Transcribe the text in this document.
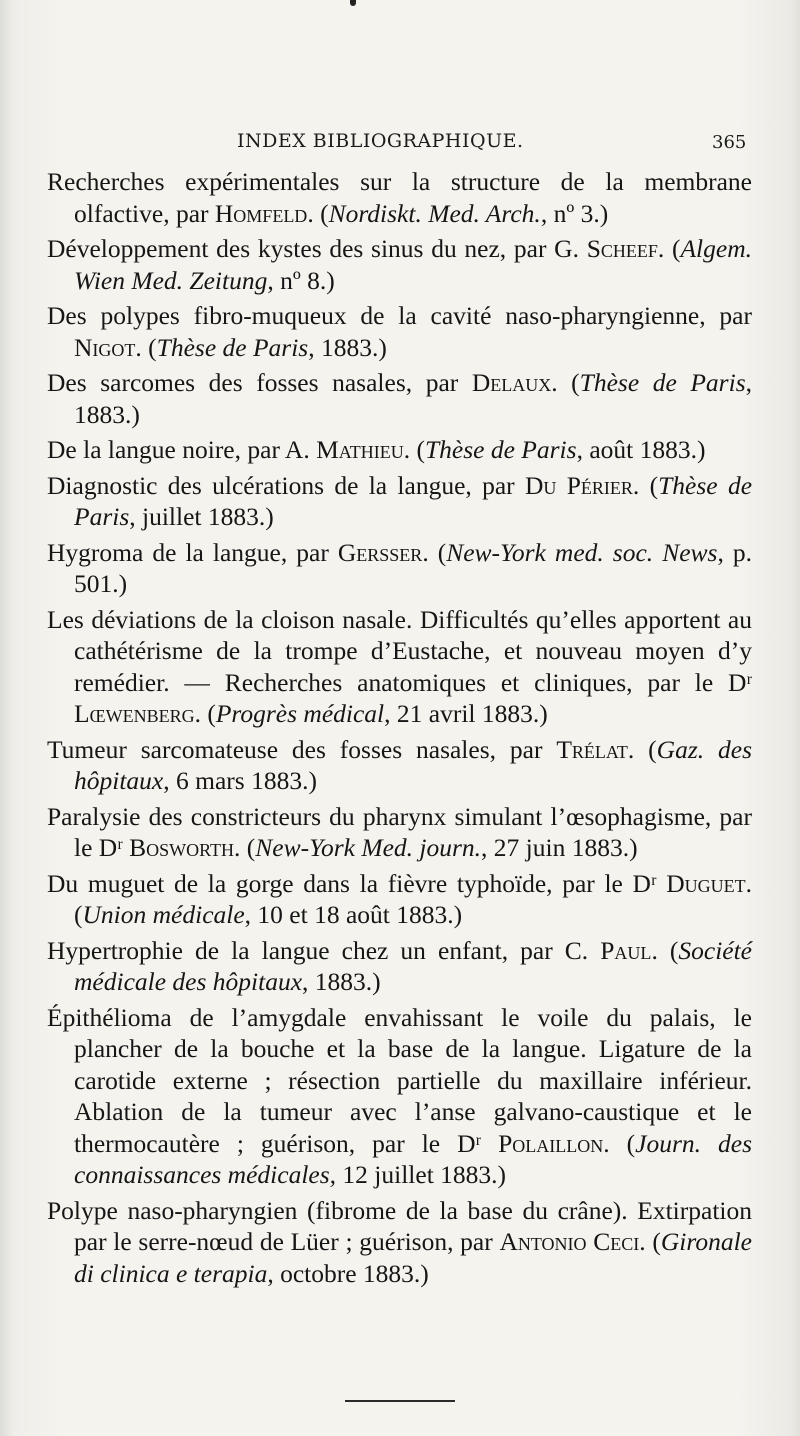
INDEX BIBLIOGRAPHIQUE.	365

Recherches expérimentales sur la structure de la membrane olfactive, par Homfeld. (Nordiskt. Med. Arch., nº 3.)

Développement des kystes des sinus du nez, par G. Scheef. (Algem. Wien Med. Zeitung, nº 8.)

Des polypes fibro-muqueux de la cavité naso-pharyngienne, par Nigot. (Thèse de Paris, 1883.)

Des sarcomes des fosses nasales, par Delaux. (Thèse de Paris, 1883.)

De la langue noire, par A. Mathieu. (Thèse de Paris, août 1883.)

Diagnostic des ulcérations de la langue, par Du Périer. (Thèse de Paris, juillet 1883.)

Hygroma de la langue, par Gersser. (New-York med. soc. News, p. 501.)

Les déviations de la cloison nasale. Difficultés qu’elles apportent au cathétérisme de la trompe d’Eustache, et nouveau moyen d’y remédier. — Recherches anatomiques et cliniques, par le Dʳ Lœwenberg. (Progrès médical, 21 avril 1883.)

Tumeur sarcomateuse des fosses nasales, par Trélat. (Gaz. des hôpitaux, 6 mars 1883.)

Paralysie des constricteurs du pharynx simulant l’œsophagisme, par le Dʳ Bosworth. (New-York Med. journ., 27 juin 1883.)

Du muguet de la gorge dans la fièvre typhoïde, par le Dʳ Duguet. (Union médicale, 10 et 18 août 1883.)

Hypertrophie de la langue chez un enfant, par C. Paul. (Société médicale des hôpitaux, 1883.)

Épithélioma de l’amygdale envahissant le voile du palais, le plancher de la bouche et la base de la langue. Ligature de la carotide externe ; résection partielle du maxillaire inférieur. Ablation de la tumeur avec l’anse galvano-caustique et le thermocautère ; guérison, par le Dʳ Polaillon. (Journ. des connaissances médicales, 12 juillet 1883.)

Polype naso-pharyngien (fibrome de la base du crâne). Extirpation par le serre-nœud de Lüer ; guérison, par Antonio Ceci. (Gironale di clinica e terapia, octobre 1883.)
